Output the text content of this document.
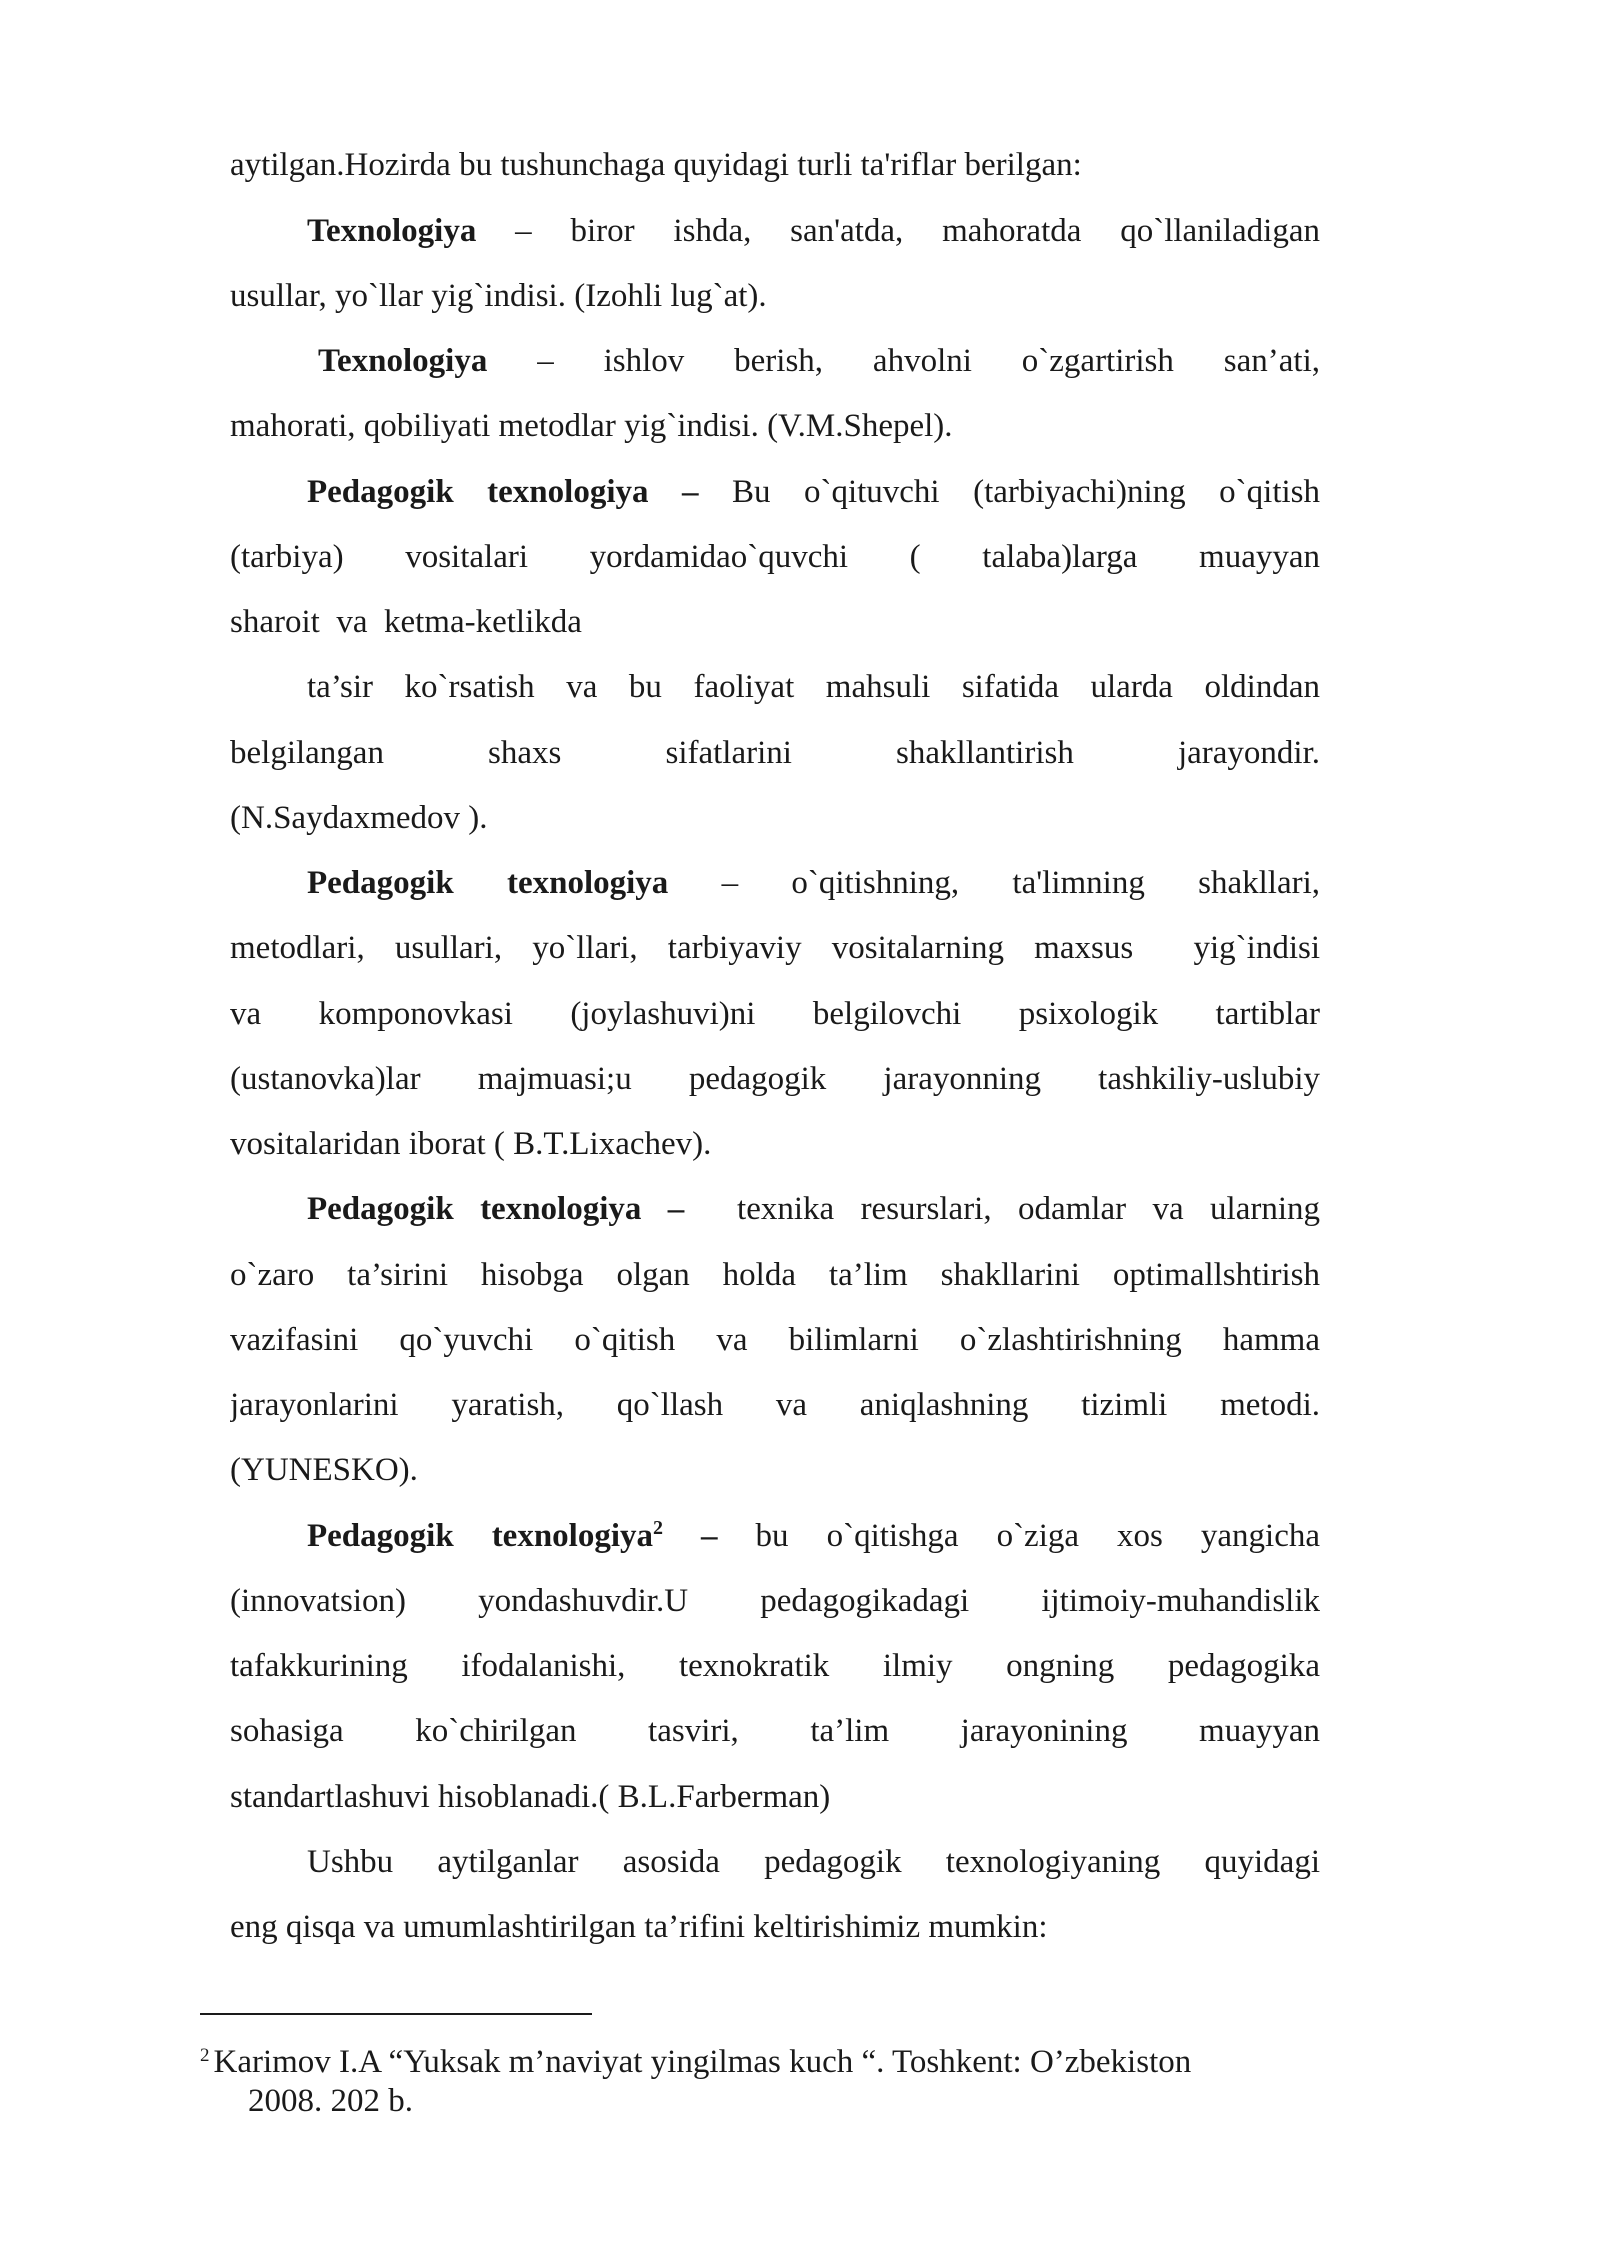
aytilgan.Hozirda bu tushunchaga quyidagi turli ta'riflar berilgan:
Texnologiya – biror ishda, san'atda, mahoratda qo`llaniladigan
usullar, yo`llar yig`indisi. (Izohli lug`at).
Texnologiya – ishlov berish, ahvolni o`zgartirish san’ati,
mahorati, qobiliyati metodlar yig`indisi. (V.M.Shepel).
Pedagogik texnologiya – Bu o`qituvchi (tarbiyachi)ning o`qitish
(tarbiya) vositalari yordamidao`quvchi ( talaba)larga muayyan
sharoit  va  ketma-ketlikda
ta’sir ko`rsatish va bu faoliyat mahsuli sifatida ularda oldindan
belgilangan shaxs sifatlarini shakllantirish jarayondir.
(N.Saydaxmedov ).
Pedagogik texnologiya – o`qitishning, ta'limning shakllari,
metodlari, usullari, yo`llari, tarbiyaviy vositalarning maxsus  yig`indisi
va komponovkasi (joylashuvi)ni belgilovchi psixologik tartiblar
(ustanovka)lar majmuasi;u pedagogik jarayonning tashkiliy-uslubiy
vositalaridan iborat ( B.T.Lixachev).
Pedagogik texnologiya –  texnika resurslari, odamlar va ularning
o`zaro ta’sirini hisobga olgan holda ta’lim shakllarini optimallshtirish
vazifasini qo`yuvchi o`qitish va bilimlarni o`zlashtirishning hamma
jarayonlarini yaratish, qo`llash va aniqlashning tizimli metodi.
(YUNESKO).
Pedagogik texnologiya$^2$ – bu o`qitishga o`ziga xos yangicha
(innovatsion) yondashuvdir.U pedagogikadagi ijtimoiy-muhandislik
tafakkurining ifodalanishi, texnokratik ilmiy ongning pedagogika
sohasiga ko`chirilgan tasviri, ta’lim jarayonining muayyan
standartlashuvi hisoblanadi.( B.L.Farberman)
Ushbu aytilganlar asosida pedagogik texnologiyaning quyidagi
eng qisqa va umumlashtirilgan ta’rifini keltirishimiz mumkin:
$^2$ Karimov I.A “Yuksak m’naviyat yingilmas kuch “. Toshkent: O’zbekiston
2008. 202 b.
